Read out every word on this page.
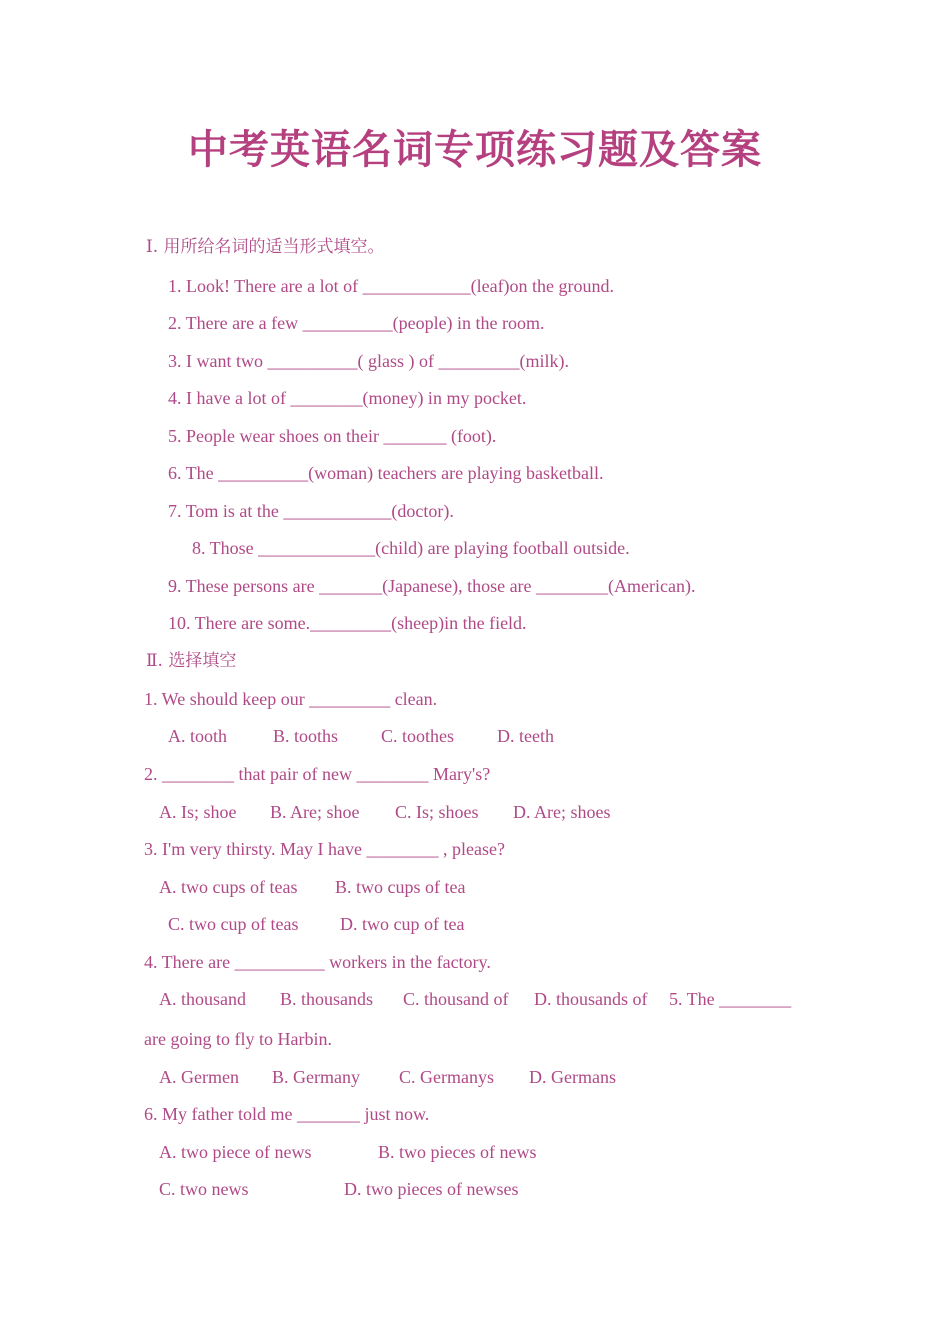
中考英语名词专项练习题及答案
Ⅰ. 用所给名词的适当形式填空。
1. Look! There are a lot of ____________(leaf)on the ground.
2. There are a few __________(people) in the room.
3. I want two __________( glass ) of _________(milk).
4. I have a lot of ________(money) in my pocket.
5. People wear shoes on their _______ (foot).
6. The __________(woman) teachers are playing basketball.
7. Tom is at the ____________(doctor).
8. Those _____________(child) are playing football outside.
9. These persons are _______(Japanese), those are ________(American).
10. There are some._________(sheep)in the field.
Ⅱ. 选择填空
1. We should keep our _________ clean.
A. tooth	B. tooths C. toothes D. teeth
2. ________ that pair of new ________ Mary's?
A. Is; shoe B. Are; shoe C. Is; shoes D. Are; shoes
3. I'm very thirsty. May I have ________ , please?
A. two cups of teas B. two cups of tea
C. two cup of teas D. two cup of tea
4. There are __________ workers in the factory.
A. thousand B. thousands C. thousand of D. thousands of 5. The ________
are going to fly to Harbin.
A. Germen B. Germany C. Germanys D. Germans
6. My father told me _______ just now.
A. two piece of news	B. two pieces of news
C. two news	D. two pieces of newses
